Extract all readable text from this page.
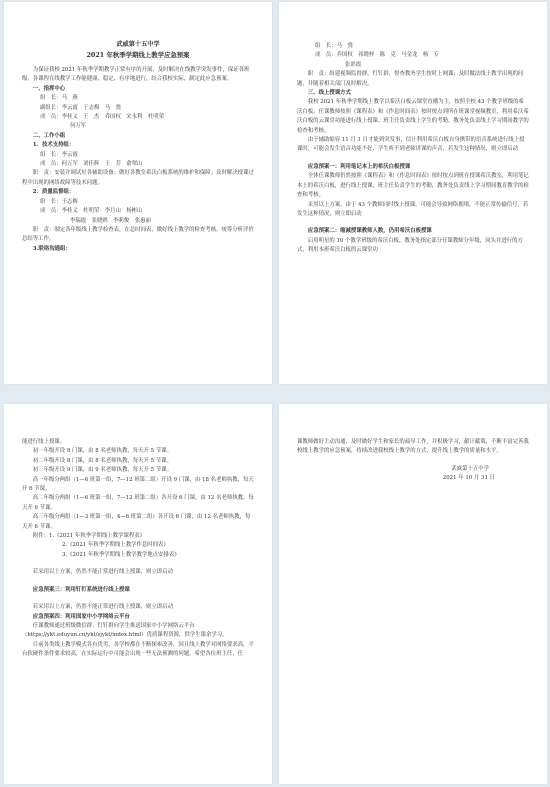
武威第十五中学
2021 年秋季学期线上教学应急预案

为保证我校 2021 年秋季学期教学正常有序的开展，及时解决在线教学突发事件，保证各班级、各课程在线教学工作能健康、稳定、有序地进行，结合我校实际，制定此应急预案。

一、指挥中心

组　长：马　燕

副组长：李云霞　于志梅　马　骁

成　员：李桂义　王　杰　乔国权　宋永利　杜明荣

何万军

二、工作小组

1．技术支持组：

组　长：李云霞

成　员：何万军　刘佳辉　王　芳　俞翠山

职　责：安装并调试好各辅助设备；做好各教室希沃白板系统的维护和保障；及时解决授课过程中出现的网络故障等技术问题。

2．质量监督组：

组　长：于志梅

成　员：李桂义　杜明荣　李月山　杨彬山

李瑞霞　张晓鸥　李莉俊　张惠丽

职　责：制定各年级线上教学检查表，在总时间表，做好线上教学的检查考核，统筹分析评价总结等工作。

3.联络沟通组：

组　长：马　骁

成　员：乔国权　祁晓梓　陈　克　马金龙　杨　专

张彩霞

职　责：组建视频监督群，钉钉群，督查教务学生按时上网课；及时做法线上教学出现的问题，并随着相关部门及时解决。

三、线上授课方式

我校 2021 年秋季学期线上教学以希沃白板云课堂直播为主，按照全校 43 个教学班级的希沃白板，任课教师按照《课程表》和《作息时间表》按时按点到所在班课堂视频教室，利用希沃希沃白板的云课堂功能进行线上授课。班主任负责线上学生的考勤，教务处负责线上学习期间教学的检查和考核。

由于辅助缩容 11 月 1 日才能到突发事，信计利用希沃白板自身携带的语音系统进行线上授课时，可能会发生语音功能不好、学生听不到老师讲课的声音，若发生这种情况，则立即启动

应急预案一：利用笔记本上的希沃白板授课

全体任课教师仍然按照《课程表》和《作息时间表》按时按点到班在授课希沃教室，利用笔记本上的希沃白板，进行线上授课，班主任负责学生的考勤，教务处负责线上学习期间教育教学的检查和考核。

采用以上方案，由于 43 个教师同时线上授课，可能会导致网络拥堵，不能正常传输信号，若发生这种情况，则立即启动

应急预案二：缩减授课教师人数，仍用希沃白板授课

启用明星的 10 个教学班级的希沃白板，教务处指定部分任课教师分年级，同头并进行的方式，利用本班希沃白板的云课堂功

能进行线上授课。

初一年级开设 8 门课，由 8 名老师执教，每天开 5 节课。

初二年级开设 8 门课，由 8 名老师执教，每天开 5 节课。

初三年级开设 9 门课，由 9 名老师执教，每天开 5 节课。

高一年级分两组（1—6 班第一组，7—12 班第二组）开设 9 门课，由 18 名老师执教，每天开 6 节课。

高二年级分两组（1—6 班第一组，7—12 班第二组）各开设 6 门课，由 12 名老师执教，每天开 6 节课。

高三年级分两组（1—3 班第一组，4—6 班第二组）各开设 6 门课，由 12 名老师执教，每天开 6 节课。

附件：1.《2021 年秋季学期线上教学课程表》

2.《2021 年秋季学期线上教学作息时间表》

3.《2021 年秋季学期线上教学教学地点安排表》

若采用以上方案，仍然不能正常进行线上授课，则立即启动

应急预案三：利用钉钉系统进行线上授课

若采用以上方案，仍然不能正常进行线上授课，则立即启动

应急预案四：利用国家中小学网络云平台

任课教师通过班级微信群、钉钉群向学生推送国家中小学网络云平台（https://ykt.eduyun.cn/ykt/sjykt/index.html）优质课程资源，供学生课余学习。

目前各类线上教学模式各有优劣，各学校都在不断探索改善，因且线上教学对网络要求高，平台软硬件条件要求较高，在实际运行中可能会出现一些无法预测的问题，希望各位班主任、任

课教师做好主动沟通，及时做好学生和家长的疏导工作，并积极学习，献计献策，不断丰富完善我校线上教学的应急预案，持续改进我校线上教学的方式，提升线上教学的质量和水平。

武威第十五中学

2021 年 10 月 31 日
